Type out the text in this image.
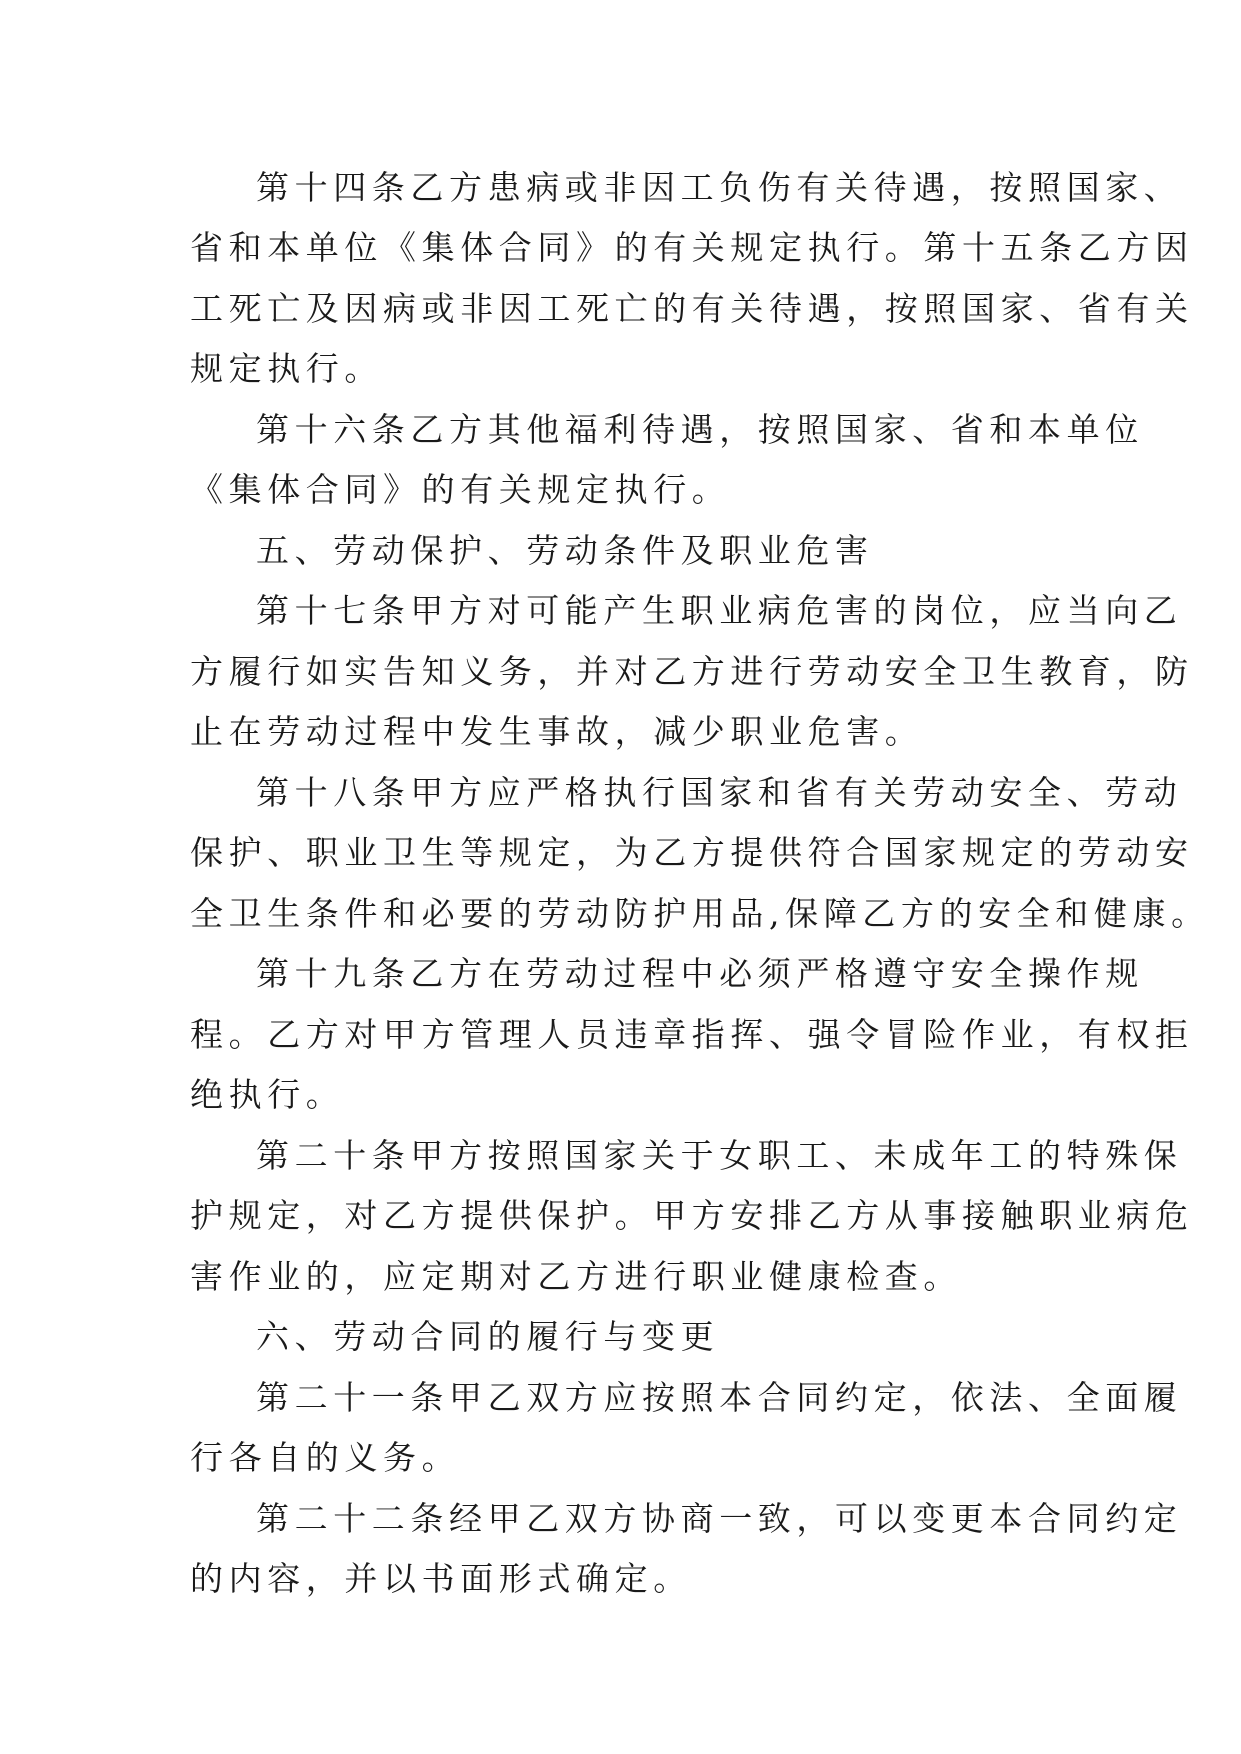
第十四条乙方患病或非因工负伤有关待遇，按照国家、
省和本单位《集体合同》的有关规定执行。第十五条乙方因
工死亡及因病或非因工死亡的有关待遇，按照国家、省有关
规定执行。
第十六条乙方其他福利待遇，按照国家、省和本单位
《集体合同》的有关规定执行。
五、劳动保护、劳动条件及职业危害
第十七条甲方对可能产生职业病危害的岗位，应当向乙
方履行如实告知义务，并对乙方进行劳动安全卫生教育，防
止在劳动过程中发生事故，减少职业危害。
第十八条甲方应严格执行国家和省有关劳动安全、劳动
保护、职业卫生等规定，为乙方提供符合国家规定的劳动安
全卫生条件和必要的劳动防护用品,保障乙方的安全和健康。
第十九条乙方在劳动过程中必须严格遵守安全操作规
程。乙方对甲方管理人员违章指挥、强令冒险作业，有权拒
绝执行。
第二十条甲方按照国家关于女职工、未成年工的特殊保
护规定，对乙方提供保护。甲方安排乙方从事接触职业病危
害作业的，应定期对乙方进行职业健康检查。
六、劳动合同的履行与变更
第二十一条甲乙双方应按照本合同约定，依法、全面履
行各自的义务。
第二十二条经甲乙双方协商一致，可以变更本合同约定
的内容，并以书面形式确定。
